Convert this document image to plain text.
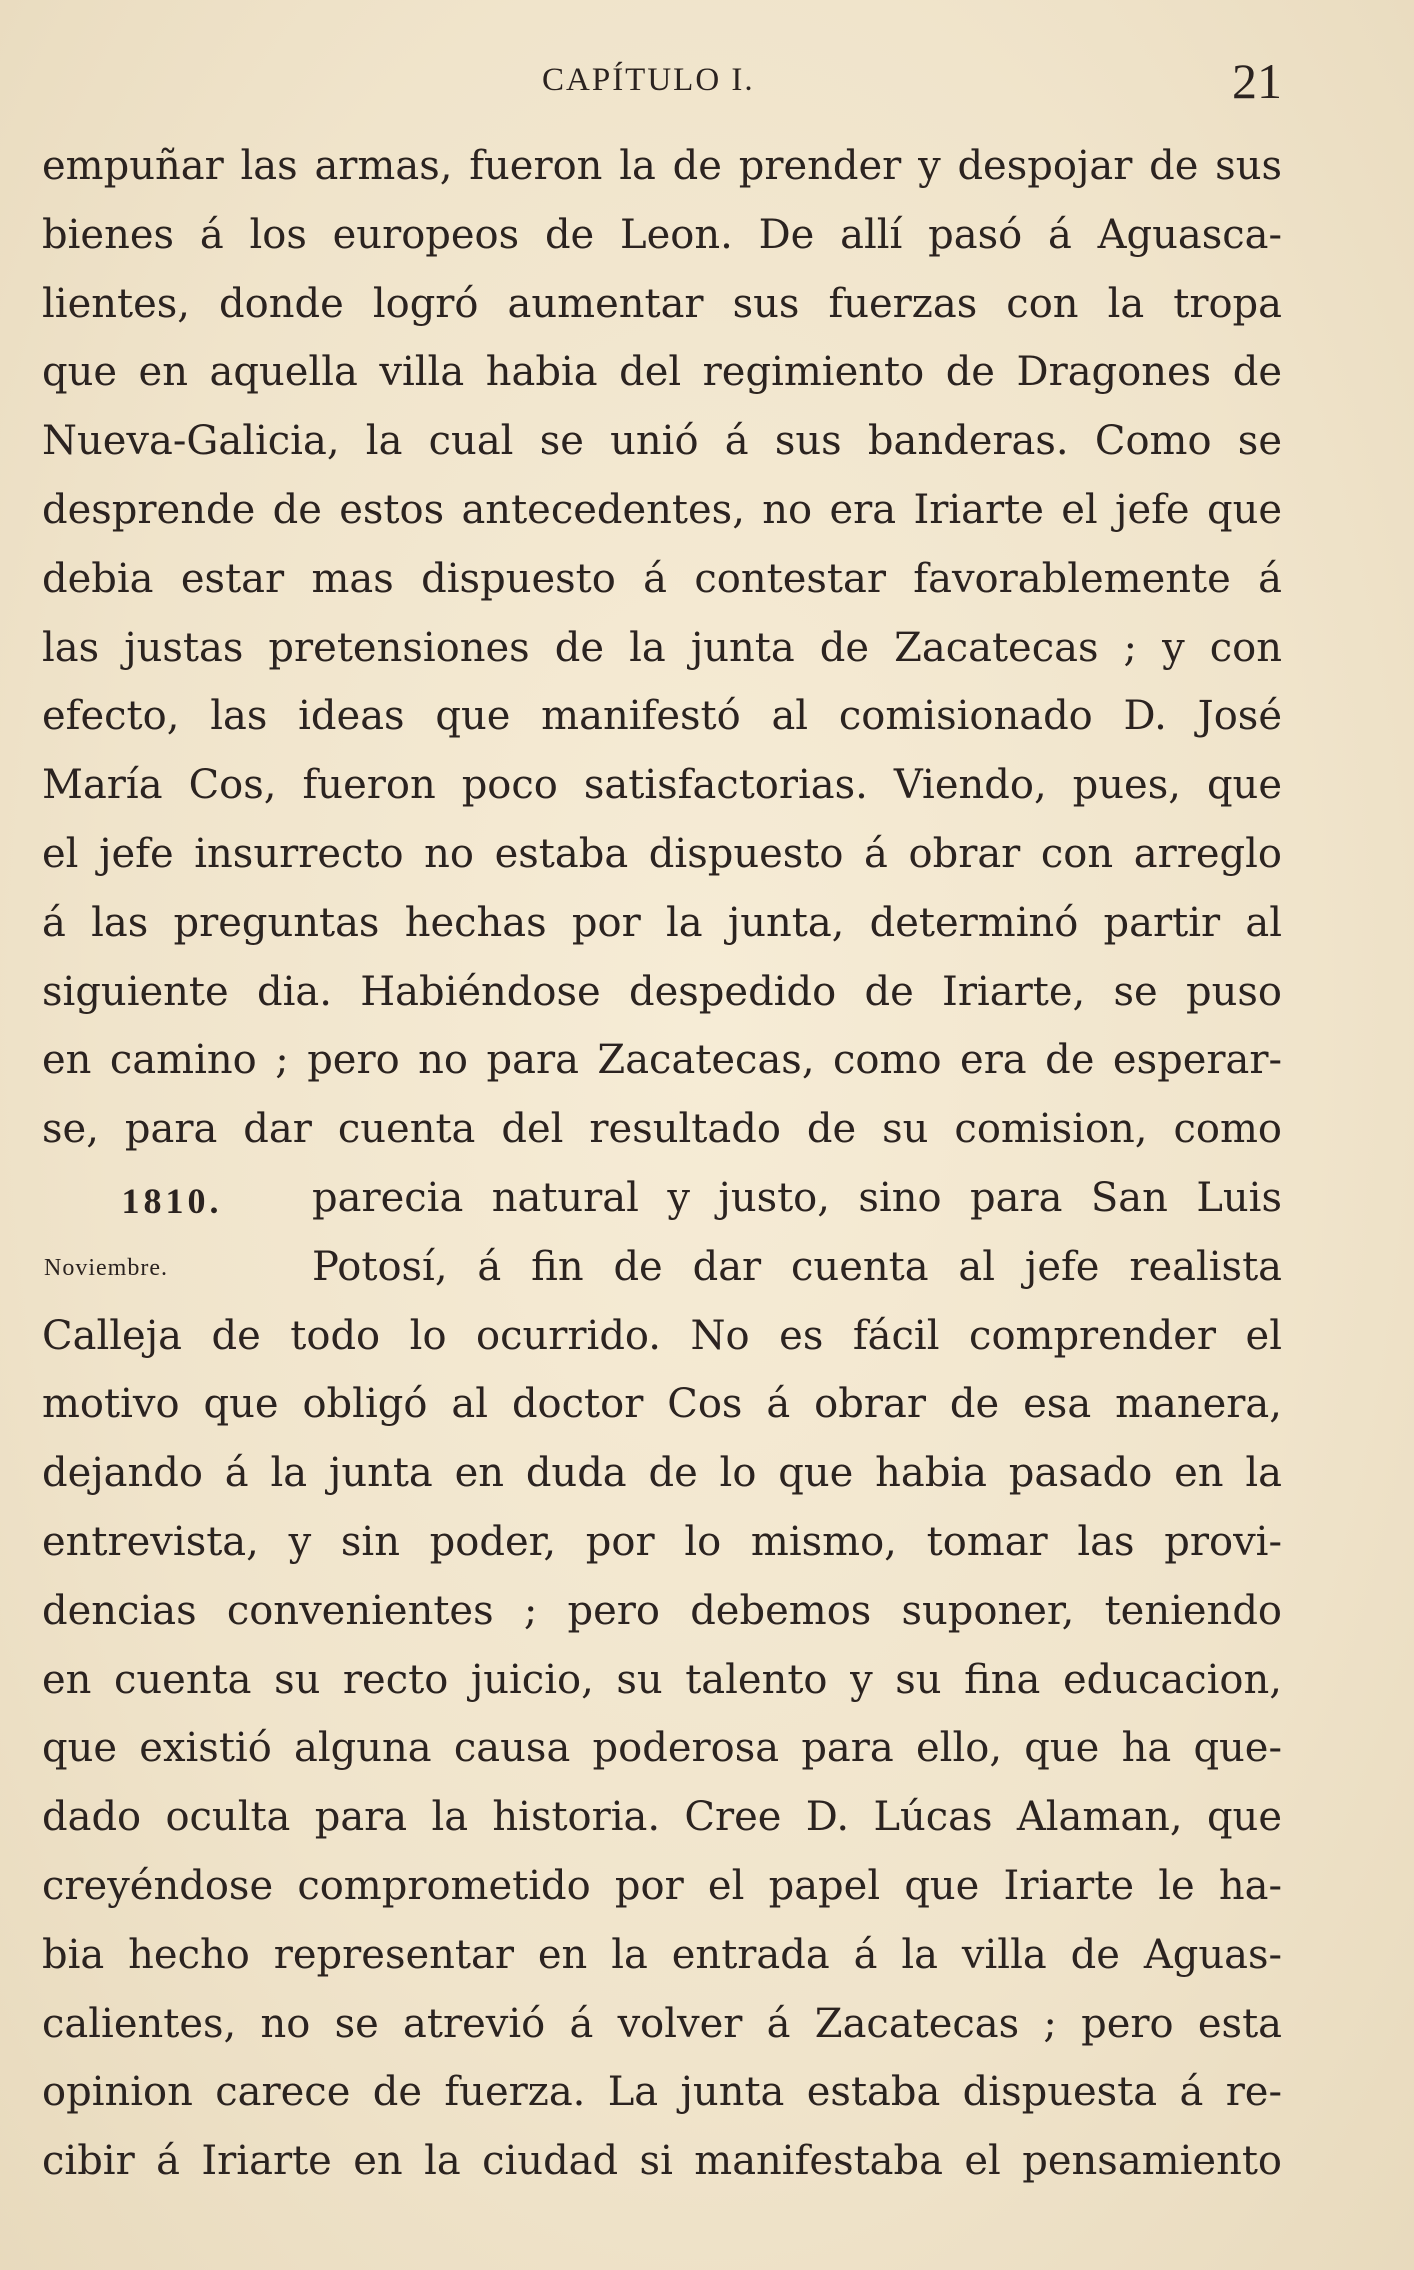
CAPÍTULO I.	21
empuñar las armas, fueron la de prender y despojar de sus
bienes á los europeos de Leon. De allí pasó á Aguasca-
lientes, donde logró aumentar sus fuerzas con la tropa
que en aquella villa habia del regimiento de Dragones de
Nueva-Galicia, la cual se unió á sus banderas. Como se
desprende de estos antecedentes, no era Iriarte el jefe que
debia estar mas dispuesto á contestar favorablemente á
las justas pretensiones de la junta de Zacatecas ; y con
efecto, las ideas que manifestó al comisionado D. José
María Cos, fueron poco satisfactorias. Viendo, pues, que
el jefe insurrecto no estaba dispuesto á obrar con arreglo
á las preguntas hechas por la junta, determinó partir al
siguiente dia. Habiéndose despedido de Iriarte, se puso
en camino ; pero no para Zacatecas, como era de esperar-
se, para dar cuenta del resultado de su comision, como
1810.	parecia natural y justo, sino para San Luis
Noviembre.	Potosí, á fin de dar cuenta al jefe realista
Calleja de todo lo ocurrido. No es fácil comprender el
motivo que obligó al doctor Cos á obrar de esa manera,
dejando á la junta en duda de lo que habia pasado en la
entrevista, y sin poder, por lo mismo, tomar las provi-
dencias convenientes ; pero debemos suponer, teniendo
en cuenta su recto juicio, su talento y su fina educacion,
que existió alguna causa poderosa para ello, que ha que-
dado oculta para la historia. Cree D. Lúcas Alaman, que
creyéndose comprometido por el papel que Iriarte le ha-
bia hecho representar en la entrada á la villa de Aguas-
calientes, no se atrevió á volver á Zacatecas ; pero esta
opinion carece de fuerza. La junta estaba dispuesta á re-
cibir á Iriarte en la ciudad si manifestaba el pensamiento
